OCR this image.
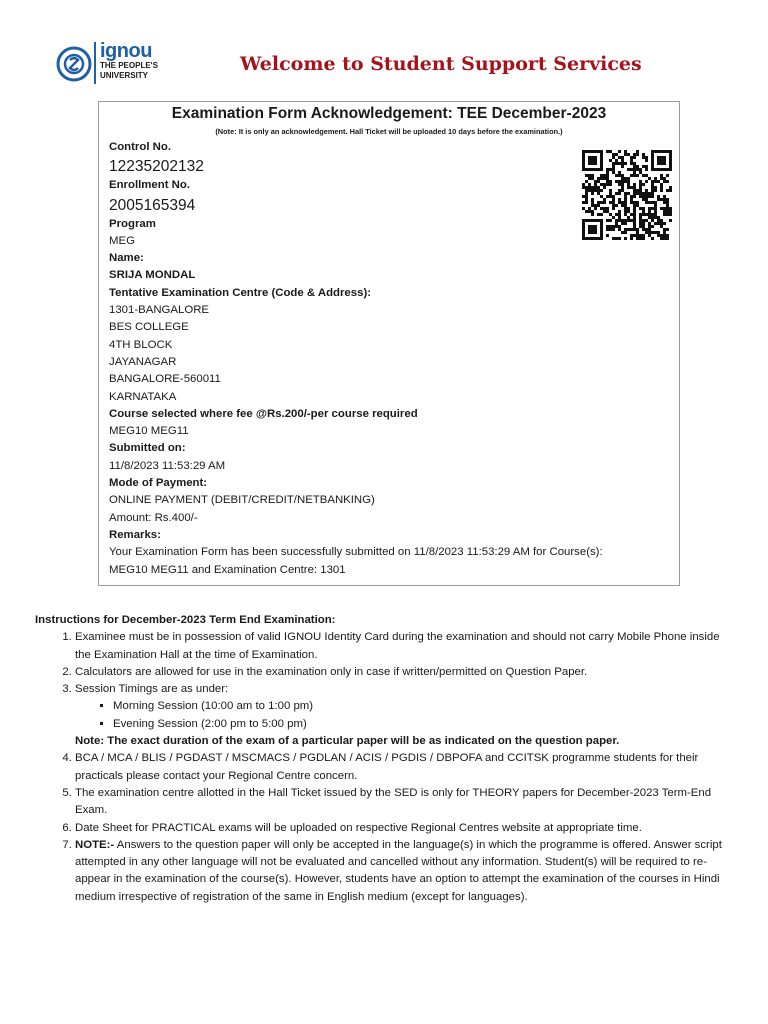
ignou
THE PEOPLE'S
UNIVERSITY
Welcome to Student Support Services
Examination Form Acknowledgement: TEE December-2023
(Note: It is only an acknowledgement. Hall Ticket will be uploaded 10 days before the examination.)
Control No.
12235202132
Enrollment No.
2005165394
Program
MEG
Name:
SRIJA MONDAL
Tentative Examination Centre (Code & Address):
1301-BANGALORE
BES COLLEGE
4TH BLOCK
JAYANAGAR
BANGALORE-560011
KARNATAKA
Course selected where fee @Rs.200/-per course required
MEG10 MEG11
Submitted on:
11/8/2023 11:53:29 AM
Mode of Payment:
ONLINE PAYMENT (DEBIT/CREDIT/NETBANKING)
Amount: Rs.400/-
Remarks:
Your Examination Form has been successfully submitted on 11/8/2023 11:53:29 AM for Course(s):
MEG10 MEG11 and Examination Centre: 1301
Instructions for December-2023 Term End Examination:
1. Examinee must be in possession of valid IGNOU Identity Card during the examination and should not carry Mobile Phone inside the Examination Hall at the time of Examination.
2. Calculators are allowed for use in the examination only in case if written/permitted on Question Paper.
3. Session Timings are as under:
▪ Morning Session (10:00 am to 1:00 pm)
▪ Evening Session (2:00 pm to 5:00 pm)
Note: The exact duration of the exam of a particular paper will be as indicated on the question paper.
4. BCA / MCA / BLIS / PGDAST / MSCMACS / PGDLAN / ACIS / PGDIS / DBPOFA and CCITSK programme students for their practicals please contact your Regional Centre concern.
5. The examination centre allotted in the Hall Ticket issued by the SED is only for THEORY papers for December-2023 Term-End Exam.
6. Date Sheet for PRACTICAL exams will be uploaded on respective Regional Centres website at appropriate time.
7. NOTE:- Answers to the question paper will only be accepted in the language(s) in which the programme is offered. Answer script attempted in any other language will not be evaluated and cancelled without any information. Student(s) will be required to re-appear in the examination of the course(s). However, students have an option to attempt the examination of the courses in Hindi medium irrespective of registration of the same in English medium (except for languages).
